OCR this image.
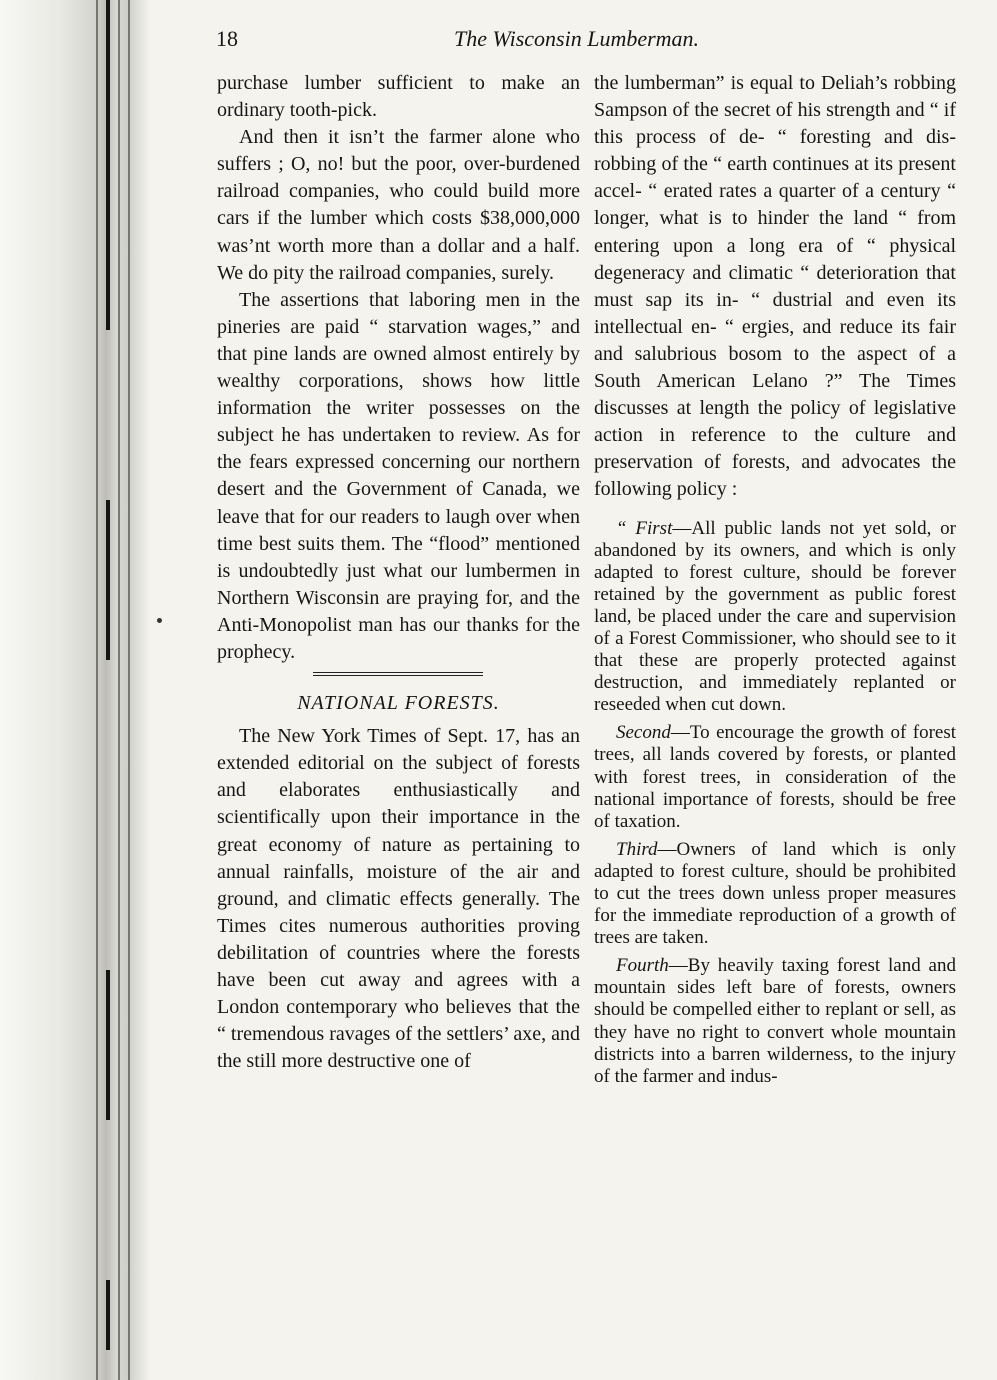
18	The Wisconsin Lumberman.

purchase lumber sufficient to make an ordinary tooth-pick.

And then it isn’t the farmer alone who suffers ; O, no! but the poor, over-burdened railroad companies, who could build more cars if the lumber which costs $38,000,000 was’nt worth more than a dollar and a half. We do pity the railroad companies, surely.

The assertions that laboring men in the pineries are paid “ starvation wages,” and that pine lands are owned almost entirely by wealthy corporations, shows how little information the writer possesses on the subject he has undertaken to review. As for the fears expressed concerning our northern desert and the Government of Canada, we leave that for our readers to laugh over when time best suits them. The “flood” mentioned is undoubtedly just what our lumbermen in Northern Wisconsin are praying for, and the Anti-Monopolist man has our thanks for the prophecy.

NATIONAL FORESTS.

The New York Times of Sept. 17, has an extended editorial on the subject of forests and elaborates enthusiastically and scientifically upon their importance in the great economy of nature as pertaining to annual rainfalls, moisture of the air and ground, and climatic effects generally. The Times cites numerous authorities proving debilitation of countries where the forests have been cut away and agrees with a London contemporary who believes that the “ tremendous ravages of the settlers’ axe, and the still more destructive one of

the lumberman” is equal to Deliah’s robbing Sampson of the secret of his strength and “ if this process of de- “ foresting and dis-robbing of the “ earth continues at its present accel- “ erated rates a quarter of a century “ longer, what is to hinder the land “ from entering upon a long era of “ physical degeneracy and climatic “ deterioration that must sap its in- “ dustrial and even its intellectual en- “ ergies, and reduce its fair and salubrious bosom to the aspect of a South American Lelano ?” The Times discusses at length the policy of legislative action in reference to the culture and preservation of forests, and advocates the following policy :

“ First—All public lands not yet sold, or abandoned by its owners, and which is only adapted to forest culture, should be forever retained by the government as public forest land, be placed under the care and supervision of a Forest Commissioner, who should see to it that these are properly protected against destruction, and immediately replanted or reseeded when cut down.

Second—To encourage the growth of forest trees, all lands covered by forests, or planted with forest trees, in consideration of the national importance of forests, should be free of taxation.

Third—Owners of land which is only adapted to forest culture, should be prohibited to cut the trees down unless proper measures for the immediate reproduction of a growth of trees are taken.

Fourth—By heavily taxing forest land and mountain sides left bare of forests, owners should be compelled either to replant or sell, as they have no right to convert whole mountain districts into a barren wilderness, to the injury of the farmer and indus-
